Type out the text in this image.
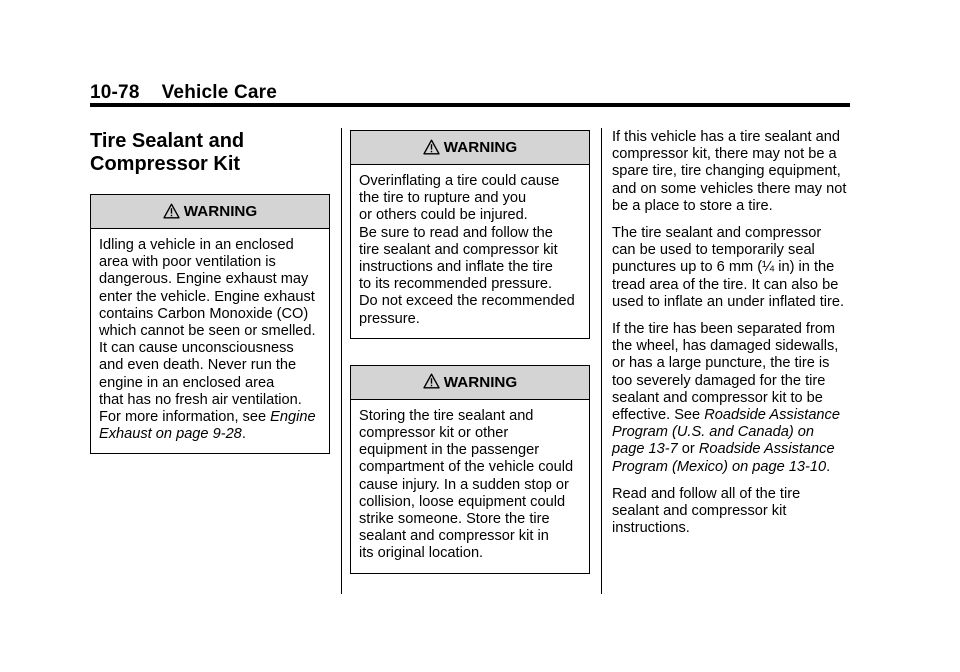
10-78 Vehicle Care
Tire Sealant and
Compressor Kit
WARNING

Idling a vehicle in an enclosed
area with poor ventilation is
dangerous. Engine exhaust may
enter the vehicle. Engine exhaust
contains Carbon Monoxide (CO)
which cannot be seen or smelled.
It can cause unconsciousness
and even death. Never run the
engine in an enclosed area
that has no fresh air ventilation.
For more information, see Engine
Exhaust on page 9-28.

WARNING

Overinflating a tire could cause
the tire to rupture and you
or others could be injured.
Be sure to read and follow the
tire sealant and compressor kit
instructions and inflate the tire
to its recommended pressure.
Do not exceed the recommended
pressure.

WARNING

Storing the tire sealant and
compressor kit or other
equipment in the passenger
compartment of the vehicle could
cause injury. In a sudden stop or
collision, loose equipment could
strike someone. Store the tire
sealant and compressor kit in
its original location.

If this vehicle has a tire sealant and
compressor kit, there may not be a
spare tire, tire changing equipment,
and on some vehicles there may not
be a place to store a tire.

The tire sealant and compressor
can be used to temporarily seal
punctures up to 6 mm (¼ in) in the
tread area of the tire. It can also be
used to inflate an under inflated tire.

If the tire has been separated from
the wheel, has damaged sidewalls,
or has a large puncture, the tire is
too severely damaged for the tire
sealant and compressor kit to be
effective. See Roadside Assistance
Program (U.S. and Canada) on
page 13-7 or Roadside Assistance
Program (Mexico) on page 13-10.

Read and follow all of the tire
sealant and compressor kit
instructions.
